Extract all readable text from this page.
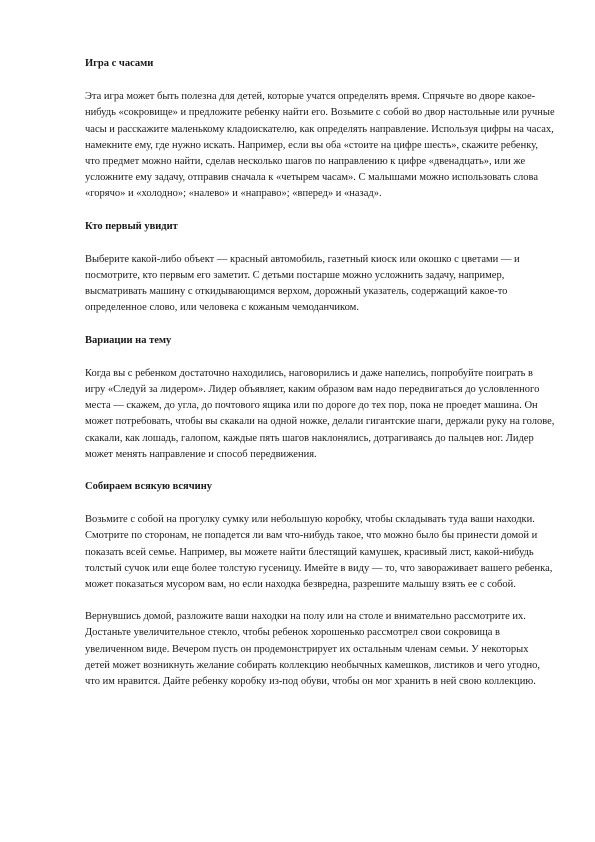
Игра с часами

Эта игра может быть полезна для детей, которые учатся определять время. Спрячьте во дворе какое-нибудь «сокровище» и предложите ребенку найти его. Возьмите с собой во двор настольные или ручные часы и расскажите маленькому кладоискателю, как определять направление. Используя цифры на часах, намекните ему, где нужно искать. Например, если вы оба «стоите на цифре шесть», скажите ребенку, что предмет можно найти, сделав несколько шагов по направлению к цифре «двенадцать», или же усложните ему задачу, отправив сначала к «четырем часам». С малышами можно использовать слова «горячо» и «холодно»; «налево» и «направо»; «вперед» и «назад».

Кто первый увидит

Выберите какой-либо объект — красный автомобиль, газетный киоск или окошко с цветами — и посмотрите, кто первым его заметит. С детьми постарше можно усложнить задачу, например, высматривать машину с откидывающимся верхом, дорожный указатель, содержащий какое-то определенное слово, или человека с кожаным чемоданчиком.

Вариации на тему

Когда вы с ребенком достаточно находились, наговорились и даже напелись, попробуйте поиграть в игру «Следуй за лидером». Лидер объявляет, каким образом вам надо передвигаться до условленного места — скажем, до угла, до почтового ящика или по дороге до тех пор, пока не проедет машина. Он может потребовать, чтобы вы скакали на одной ножке, делали гигантские шаги, держали руку на голове, скакали, как лошадь, галопом, каждые пять шагов наклонялись, дотрагиваясь до пальцев ног. Лидер может менять направление и способ передвижения.

Собираем всякую всячину

Возьмите с собой на прогулку сумку или небольшую коробку, чтобы складывать туда ваши находки. Смотрите по сторонам, не попадется ли вам что-нибудь такое, что можно было бы принести домой и показать всей семье. Например, вы можете найти блестящий камушек, красивый лист, какой-нибудь толстый сучок или еще более толстую гусеницу. Имейте в виду — то, что завораживает вашего ребенка, может показаться мусором вам, но если находка безвредна, разрешите малышу взять ее с собой.

Вернувшись домой, разложите ваши находки на полу или на столе и внимательно рассмотрите их. Достаньте увеличительное стекло, чтобы ребенок хорошенько рассмотрел свои сокровища в увеличенном виде. Вечером пусть он продемонстрирует их остальным членам семьи. У некоторых детей может возникнуть желание собирать коллекцию необычных камешков, листиков и чего угодно, что им нравится. Дайте ребенку коробку из-под обуви, чтобы он мог хранить в ней свою коллекцию.
